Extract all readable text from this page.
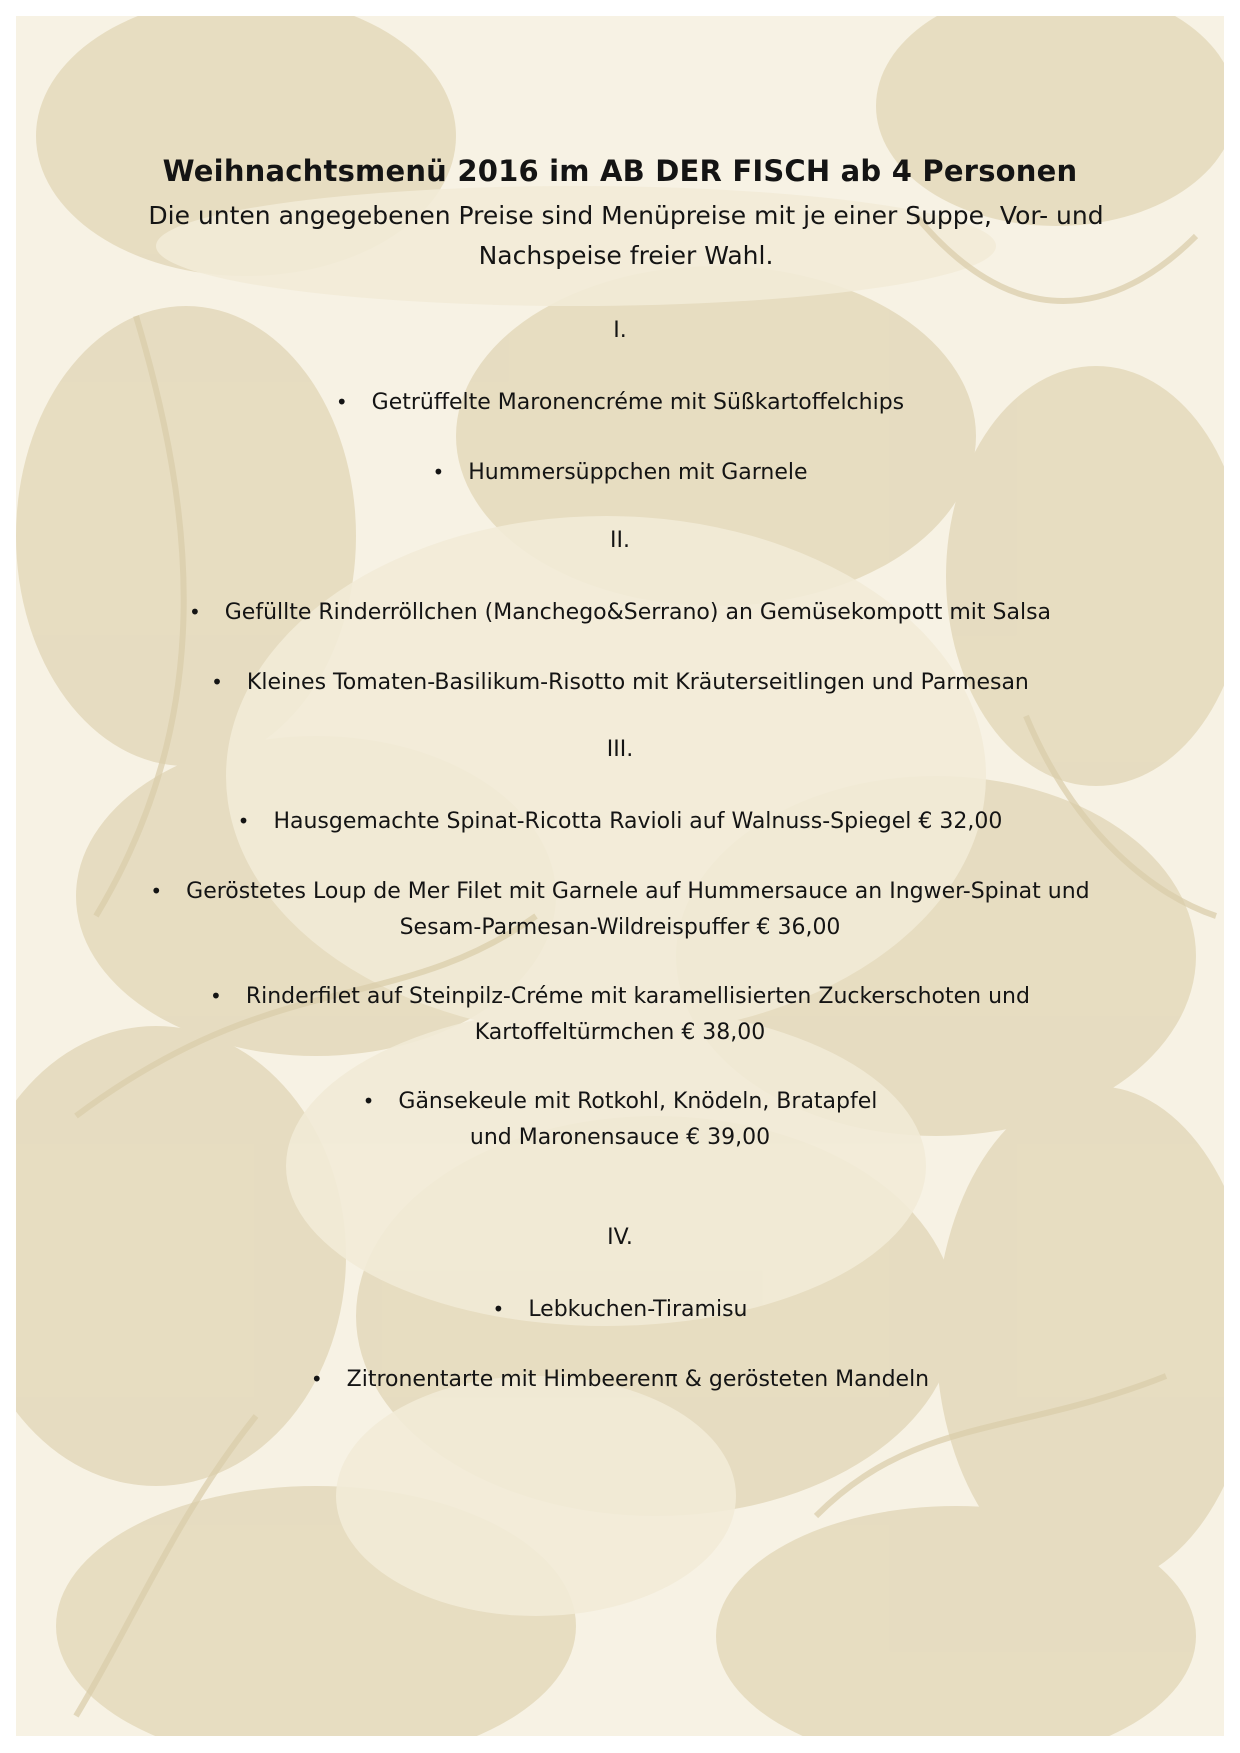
Weihnachtsmenü 2016 im AB DER FISCH ab 4 Personen
Die unten angegebenen Preise sind Menüpreise mit je einer Suppe, Vor- und
Nachspeise freier Wahl.
I.
• Getrüffelte Maronencréme mit Süßkartoffelchips
• Hummersüppchen mit Garnele
II.
• Gefüllte Rinderröllchen (Manchego&Serrano) an Gemüsekompott mit Salsa
• Kleines Tomaten-Basilikum-Risotto mit Kräuterseitlingen und Parmesan
III.
• Hausgemachte Spinat-Ricotta Ravioli auf Walnuss-Spiegel € 32,00
• Geröstetes Loup de Mer Filet mit Garnele auf Hummersauce an Ingwer-Spinat und
Sesam-Parmesan-Wildreispuffer € 36,00
• Rinderfilet auf Steinpilz-Créme mit karamellisierten Zuckerschoten und
Kartoffeltürmchen € 38,00
• Gänsekeule mit Rotkohl, Knödeln, Bratapfel
und Maronensauce € 39,00
IV.
• Lebkuchen-Tiramisu
• Zitronentarte mit Himbeerenπ & gerösteten Mandeln
